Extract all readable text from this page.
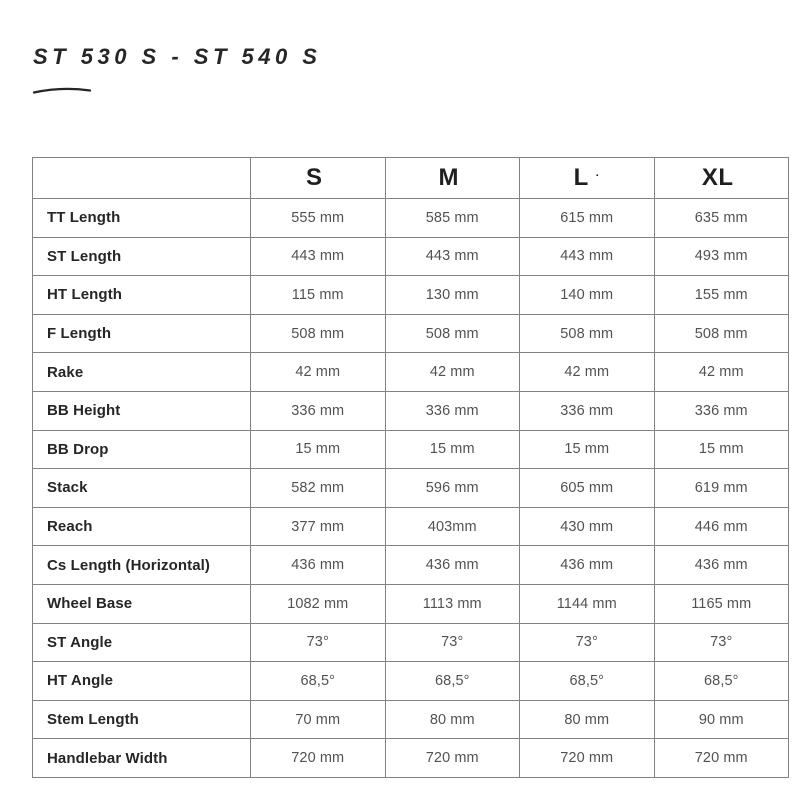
ST 530 S - ST 540 S
	S	M	L ·	XL
TT Length	555 mm	585 mm	615 mm	635 mm
ST Length	443 mm	443 mm	443 mm	493 mm
HT Length	115 mm	130 mm	140 mm	155 mm
F Length	508 mm	508 mm	508 mm	508 mm
Rake	42 mm	42 mm	42 mm	42 mm
BB Height	336 mm	336 mm	336 mm	336 mm
BB Drop	15 mm	15 mm	15 mm	15 mm
Stack	582 mm	596 mm	605 mm	619 mm
Reach	377 mm	403mm	430 mm	446 mm
Cs Length (Horizontal)	436 mm	436 mm	436 mm	436 mm
Wheel Base	1082 mm	1113 mm	1144 mm	1165 mm
ST Angle	73°	73°	73°	73°
HT Angle	68,5°	68,5°	68,5°	68,5°
Stem Length	70 mm	80 mm	80 mm	90 mm
Handlebar Width	720 mm	720 mm	720 mm	720 mm
